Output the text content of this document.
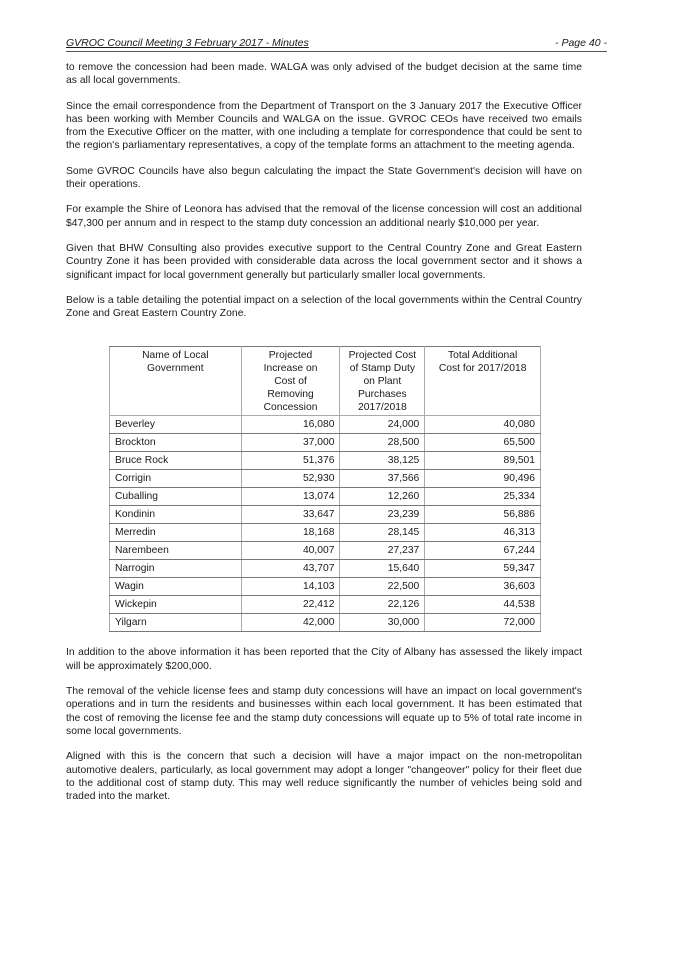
GVROC Council Meeting 3 February 2017 - Minutes	- Page 40 -

to remove the concession had been made. WALGA was only advised of the budget decision at the same time as all local governments.

Since the email correspondence from the Department of Transport on the 3 January 2017 the Executive Officer has been working with Member Councils and WALGA on the issue. GVROC CEOs have received two emails from the Executive Officer on the matter, with one including a template for correspondence that could be sent to the region's parliamentary representatives, a copy of the template forms an attachment to the meeting agenda.

Some GVROC Councils have also begun calculating the impact the State Government's decision will have on their operations.

For example the Shire of Leonora has advised that the removal of the license concession will cost an additional $47,300 per annum and in respect to the stamp duty concession an additional nearly $10,000 per year.

Given that BHW Consulting also provides executive support to the Central Country Zone and Great Eastern Country Zone it has been provided with considerable data across the local government sector and it shows a significant impact for local government generally but particularly smaller local governments.

Below is a table detailing the potential impact on a selection of the local governments within the Central Country Zone and Great Eastern Country Zone.

Name of Local
Government	Projected
Increase on
Cost of
Removing
Concession	Projected Cost
of Stamp Duty
on Plant
Purchases
2017/2018	Total Additional
Cost for 2017/2018
Beverley	16,080	24,000	40,080
Brockton	37,000	28,500	65,500
Bruce Rock	51,376	38,125	89,501
Corrigin	52,930	37,566	90,496
Cuballing	13,074	12,260	25,334
Kondinin	33,647	23,239	56,886
Merredin	18,168	28,145	46,313
Narembeen	40,007	27,237	67,244
Narrogin	43,707	15,640	59,347
Wagin	14,103	22,500	36,603
Wickepin	22,412	22,126	44,538
Yilgarn	42,000	30,000	72,000

In addition to the above information it has been reported that the City of Albany has assessed the likely impact will be approximately $200,000.

The removal of the vehicle license fees and stamp duty concessions will have an impact on local government's operations and in turn the residents and businesses within each local government. It has been estimated that the cost of removing the license fee and the stamp duty concessions will equate up to 5% of total rate income in some local governments.

Aligned with this is the concern that such a decision will have a major impact on the non-metropolitan automotive dealers, particularly, as local government may adopt a longer "changeover" policy for their fleet due to the additional cost of stamp duty. This may well reduce significantly the number of vehicles being sold and traded into the market.
